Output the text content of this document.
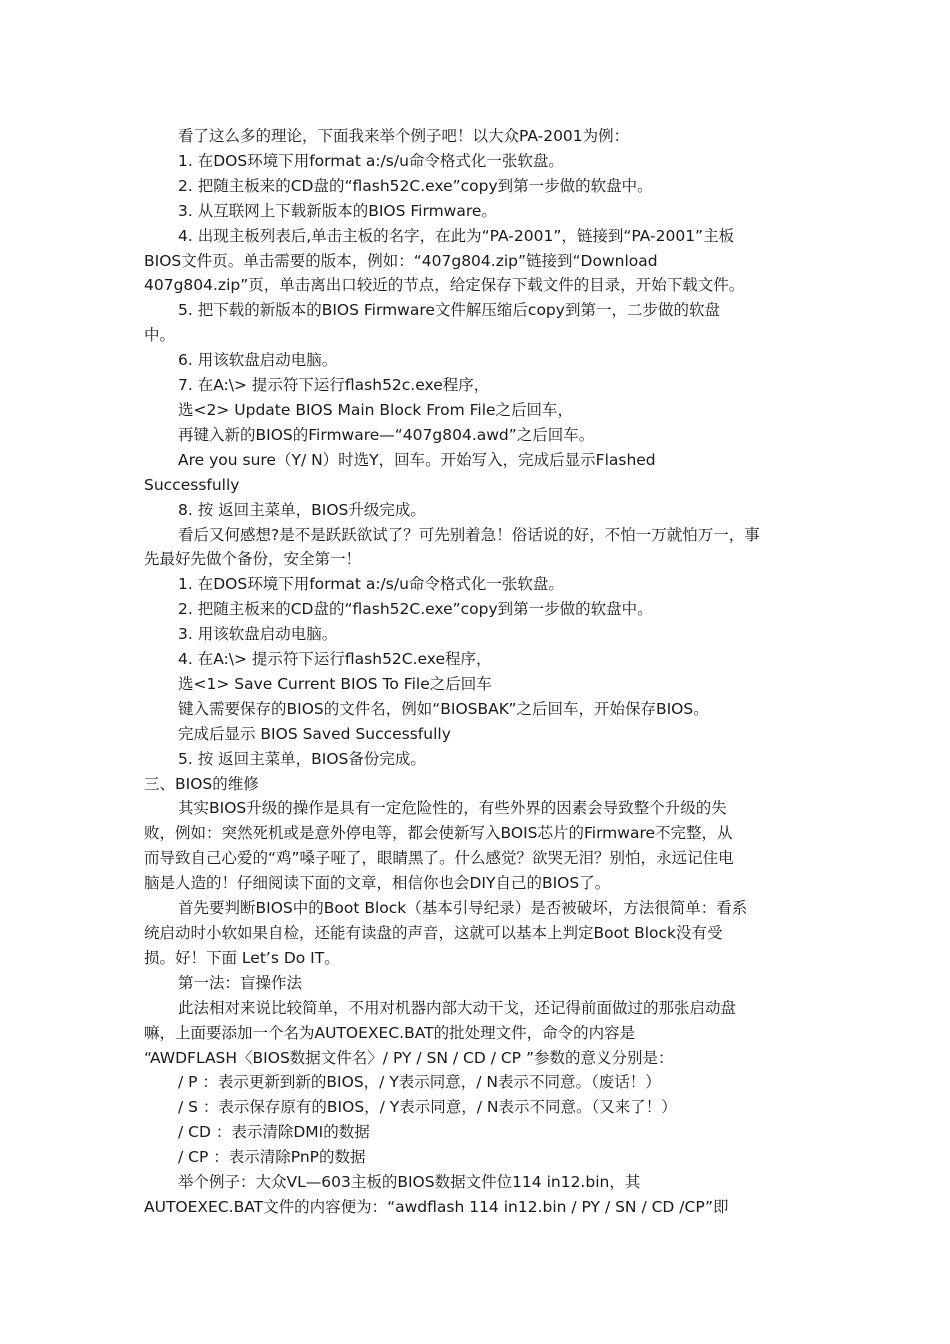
看了这么多的理论，下面我来举个例子吧！以大众PA-2001为例：
1. 在DOS环境下用format a:/s/u命令格式化一张软盘。
2. 把随主板来的CD盘的“flash52C.exe”copy到第一步做的软盘中。
3. 从互联网上下载新版本的BIOS Firmware。
4. 出现主板列表后,单击主板的名字，在此为“PA-2001”，链接到“PA-2001”主板
BIOS文件页。单击需要的版本，例如：“407g804.zip”链接到“Download
407g804.zip”页，单击离出口较近的节点，给定保存下载文件的目录，开始下载文件。
5. 把下载的新版本的BIOS Firmware文件解压缩后copy到第一，二步做的软盘
中。
6. 用该软盘启动电脑。
7. 在A:\> 提示符下运行flash52c.exe程序，
选<2> Update BIOS Main Block From File之后回车，
再键入新的BIOS的Firmware—“407g804.awd”之后回车。
Are you sure（Y/ N）时选Y，回车。开始写入，完成后显示Flashed
Successfully
8. 按 返回主菜单，BIOS升级完成。
看后又何感想?是不是跃跃欲试了？可先别着急！俗话说的好，不怕一万就怕万一，事
先最好先做个备份，安全第一！
1. 在DOS环境下用format a:/s/u命令格式化一张软盘。
2. 把随主板来的CD盘的“flash52C.exe”copy到第一步做的软盘中。
3. 用该软盘启动电脑。
4. 在A:\> 提示符下运行flash52C.exe程序，
选<1> Save Current BIOS To File之后回车
键入需要保存的BIOS的文件名，例如“BIOSBAK”之后回车，开始保存BIOS。
完成后显示 BIOS Saved Successfully
5. 按 返回主菜单，BIOS备份完成。
三、BIOS的维修
其实BIOS升级的操作是具有一定危险性的，有些外界的因素会导致整个升级的失
败，例如：突然死机或是意外停电等，都会使新写入BOIS芯片的Firmware不完整，从
而导致自己心爱的“鸡”嗓子哑了，眼睛黑了。什么感觉？欲哭无泪？别怕，永远记住电
脑是人造的！仔细阅读下面的文章，相信你也会DIY自己的BIOS了。
首先要判断BIOS中的Boot Block（基本引导纪录）是否被破坏，方法很简单：看系
统启动时小软如果自检，还能有读盘的声音，这就可以基本上判定Boot Block没有受
损。好！下面 Let’s Do IT。
第一法：盲操作法
此法相对来说比较简单，不用对机器内部大动干戈，还记得前面做过的那张启动盘
嘛，上面要添加一个名为AUTOEXEC.BAT的批处理文件，命令的内容是
“AWDFLASH〈BIOS数据文件名〉/ PY / SN / CD / CP ”参数的意义分别是：
/ P ：表示更新到新的BIOS，/ Y表示同意，/ N表示不同意。（废话！）
/ S ：表示保存原有的BIOS，/ Y表示同意，/ N表示不同意。（又来了！）
/ CD ：表示清除DMI的数据
/ CP ：表示清除PnP的数据
举个例子：大众VL—603主板的BIOS数据文件位114 in12.bin，其
AUTOEXEC.BAT文件的内容便为：“awdflash 114 in12.bin / PY / SN / CD /CP”即
